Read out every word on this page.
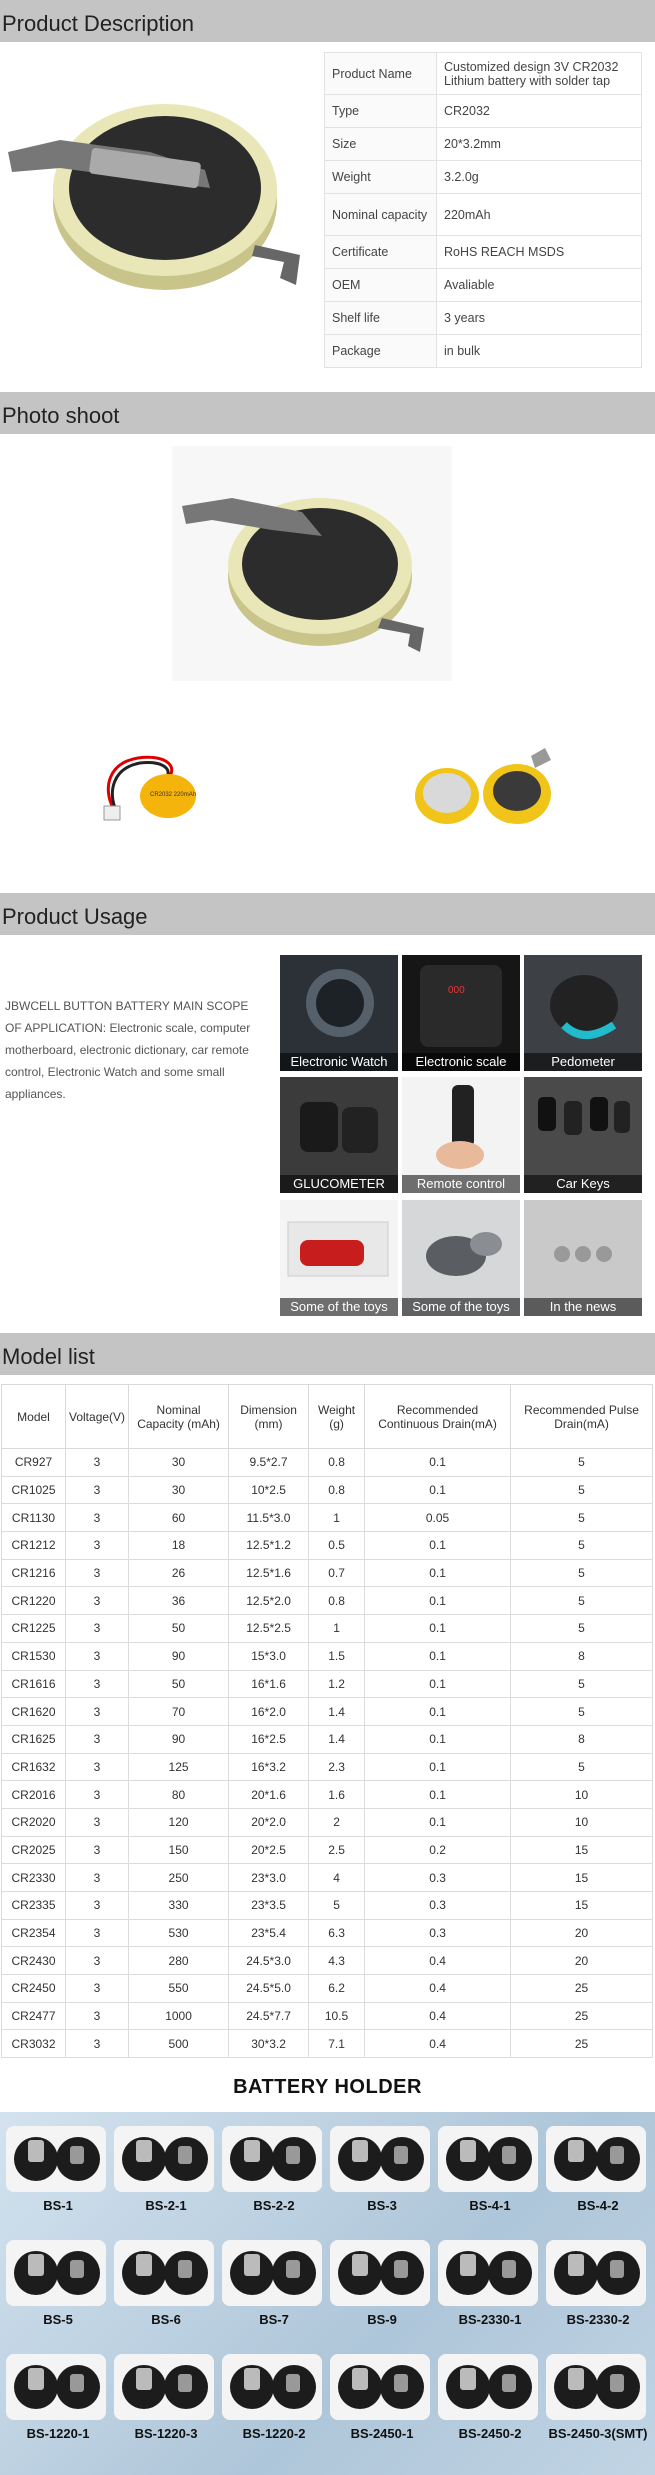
Product Description
Photo shoot
Product Usage
Model list
Product Name	Customized design 3V CR2032 Lithium battery with solder tap
Type	CR2032
Size	20*3.2mm
Weight	3.2.0g
Nominal capacity	220mAh
Certificate	RoHS REACH MSDS
OEM	Avaliable
Shelf life	3 years
Package	in bulk
CR2032 220mAh

JBWCELL BUTTON BATTERY MAIN SCOPE OF APPLICATION: Electronic scale, computer motherboard, electronic dictionary, car remote control, Electronic Watch and some small appliances.

Electronic Watch
000
Electronic scale	Pedometer
GLUCOMETER	Remote control	Car Keys
Some of the toys	Some of the toys	In the news
Model	Voltage(V)	Nominal Capacity (mAh)	Dimension (mm)	Weight (g)	Recommended Continuous Drain(mA)	Recommended Pulse Drain(mA)
CR927	3	30	9.5*2.7	0.8	0.1	5
CR1025	3	30	10*2.5	0.8	0.1	5
CR1130	3	60	11.5*3.0	1	0.05	5
CR1212	3	18	12.5*1.2	0.5	0.1	5
CR1216	3	26	12.5*1.6	0.7	0.1	5
CR1220	3	36	12.5*2.0	0.8	0.1	5
CR1225	3	50	12.5*2.5	1	0.1	5
CR1530	3	90	15*3.0	1.5	0.1	8
CR1616	3	50	16*1.6	1.2	0.1	5
CR1620	3	70	16*2.0	1.4	0.1	5
CR1625	3	90	16*2.5	1.4	0.1	8
CR1632	3	125	16*3.2	2.3	0.1	5
CR2016	3	80	20*1.6	1.6	0.1	10
CR2020	3	120	20*2.0	2	0.1	10
CR2025	3	150	20*2.5	2.5	0.2	15
CR2330	3	250	23*3.0	4	0.3	15
CR2335	3	330	23*3.5	5	0.3	15
CR2354	3	530	23*5.4	6.3	0.3	20
CR2430	3	280	24.5*3.0	4.3	0.4	20
CR2450	3	550	24.5*5.0	6.2	0.4	25
CR2477	3	1000	24.5*7.7	10.5	0.4	25
CR3032	3	500	30*3.2	7.1	0.4	25
BATTERY HOLDER
BS-1	BS-2-1	BS-2-2	BS-3	BS-4-1	BS-4-2
BS-5	BS-6	BS-7	BS-9	BS-2330-1	BS-2330-2
BS-1220-1	BS-1220-3	BS-1220-2	BS-2450-1	BS-2450-2	BS-2450-3(SMT)
